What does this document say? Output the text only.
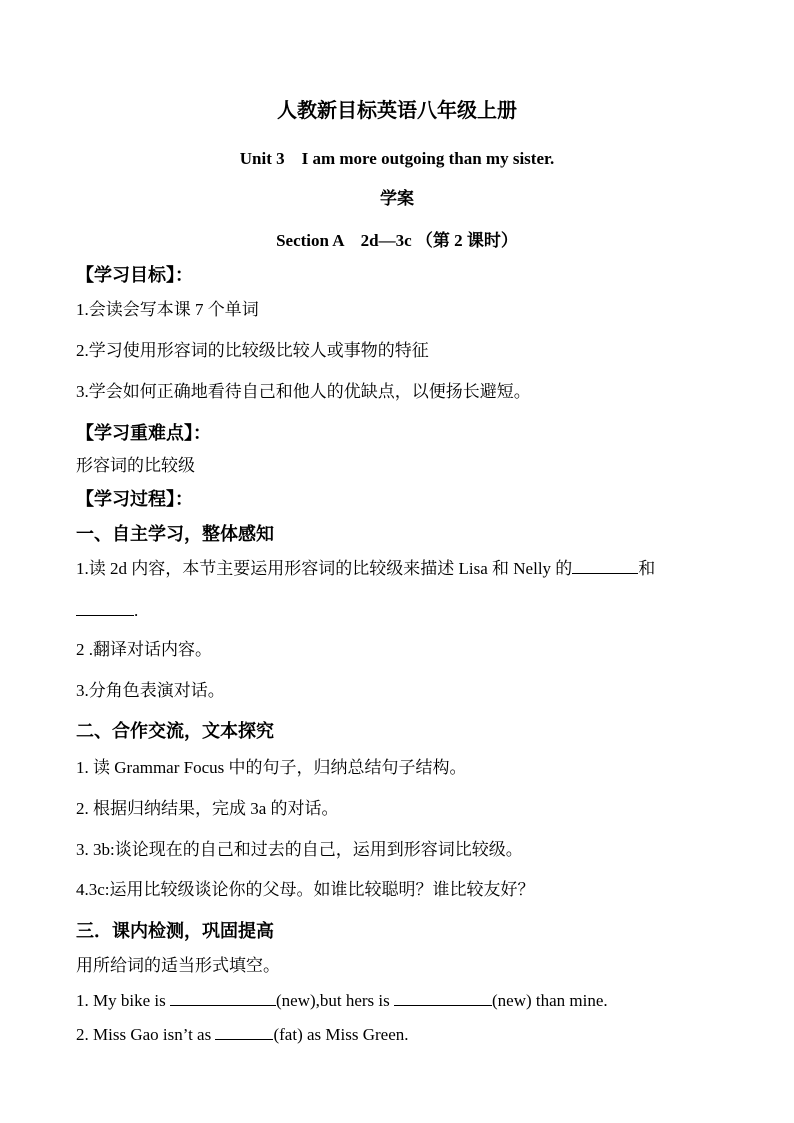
人教新目标英语八年级上册
Unit 3　I am more outgoing than my sister.
学案
Section A　2d—3c （第 2 课时）
【学习目标】：
1.会读会写本课 7 个单词
2.学习使用形容词的比较级比较人或事物的特征
3.学会如何正确地看待自己和他人的优缺点，以便扬长避短。
【学习重难点】：
形容词的比较级
【学习过程】：
一、自主学习，整体感知
1.读 2d 内容，本节主要运用形容词的比较级来描述 Lisa 和 Nelly 的	和
.
2 .翻译对话内容。
3.分角色表演对话。
二、合作交流，文本探究
1. 读 Grammar Focus 中的句子，归纳总结句子结构。
2. 根据归纳结果，完成 3a 的对话。
3. 3b:谈论现在的自己和过去的自己，运用到形容词比较级。
4.3c:运用比较级谈论你的父母。如谁比较聪明？谁比较友好？
三．课内检测，巩固提高
用所给词的适当形式填空。
1. My bike is	(new),but hers is	(new) than mine.
2. Miss Gao isn’t as	(fat) as Miss Green.
